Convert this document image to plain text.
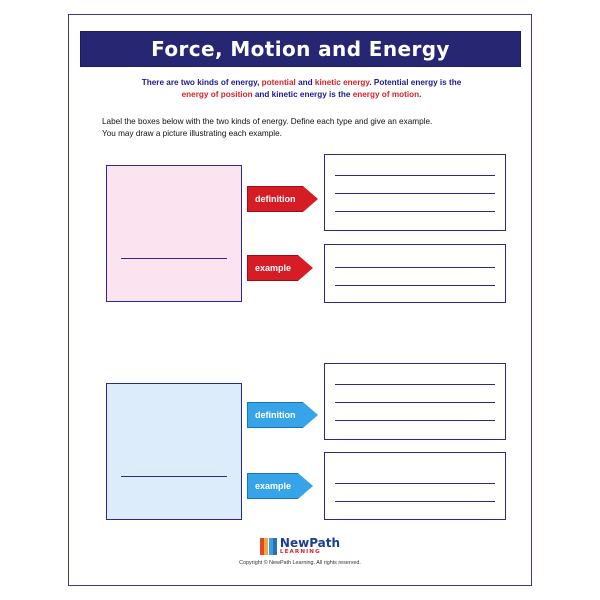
Force, Motion and Energy
There are two kinds of energy, potential and kinetic energy. Potential energy is the
energy of position and kinetic energy is the energy of motion.
Label the boxes below with the two kinds of energy. Define each type and give an example.
You may draw a picture illustrating each example.
definition
example
definition
example
NewPath
LEARNING
Copyright © NewPath Learning. All rights reserved.
